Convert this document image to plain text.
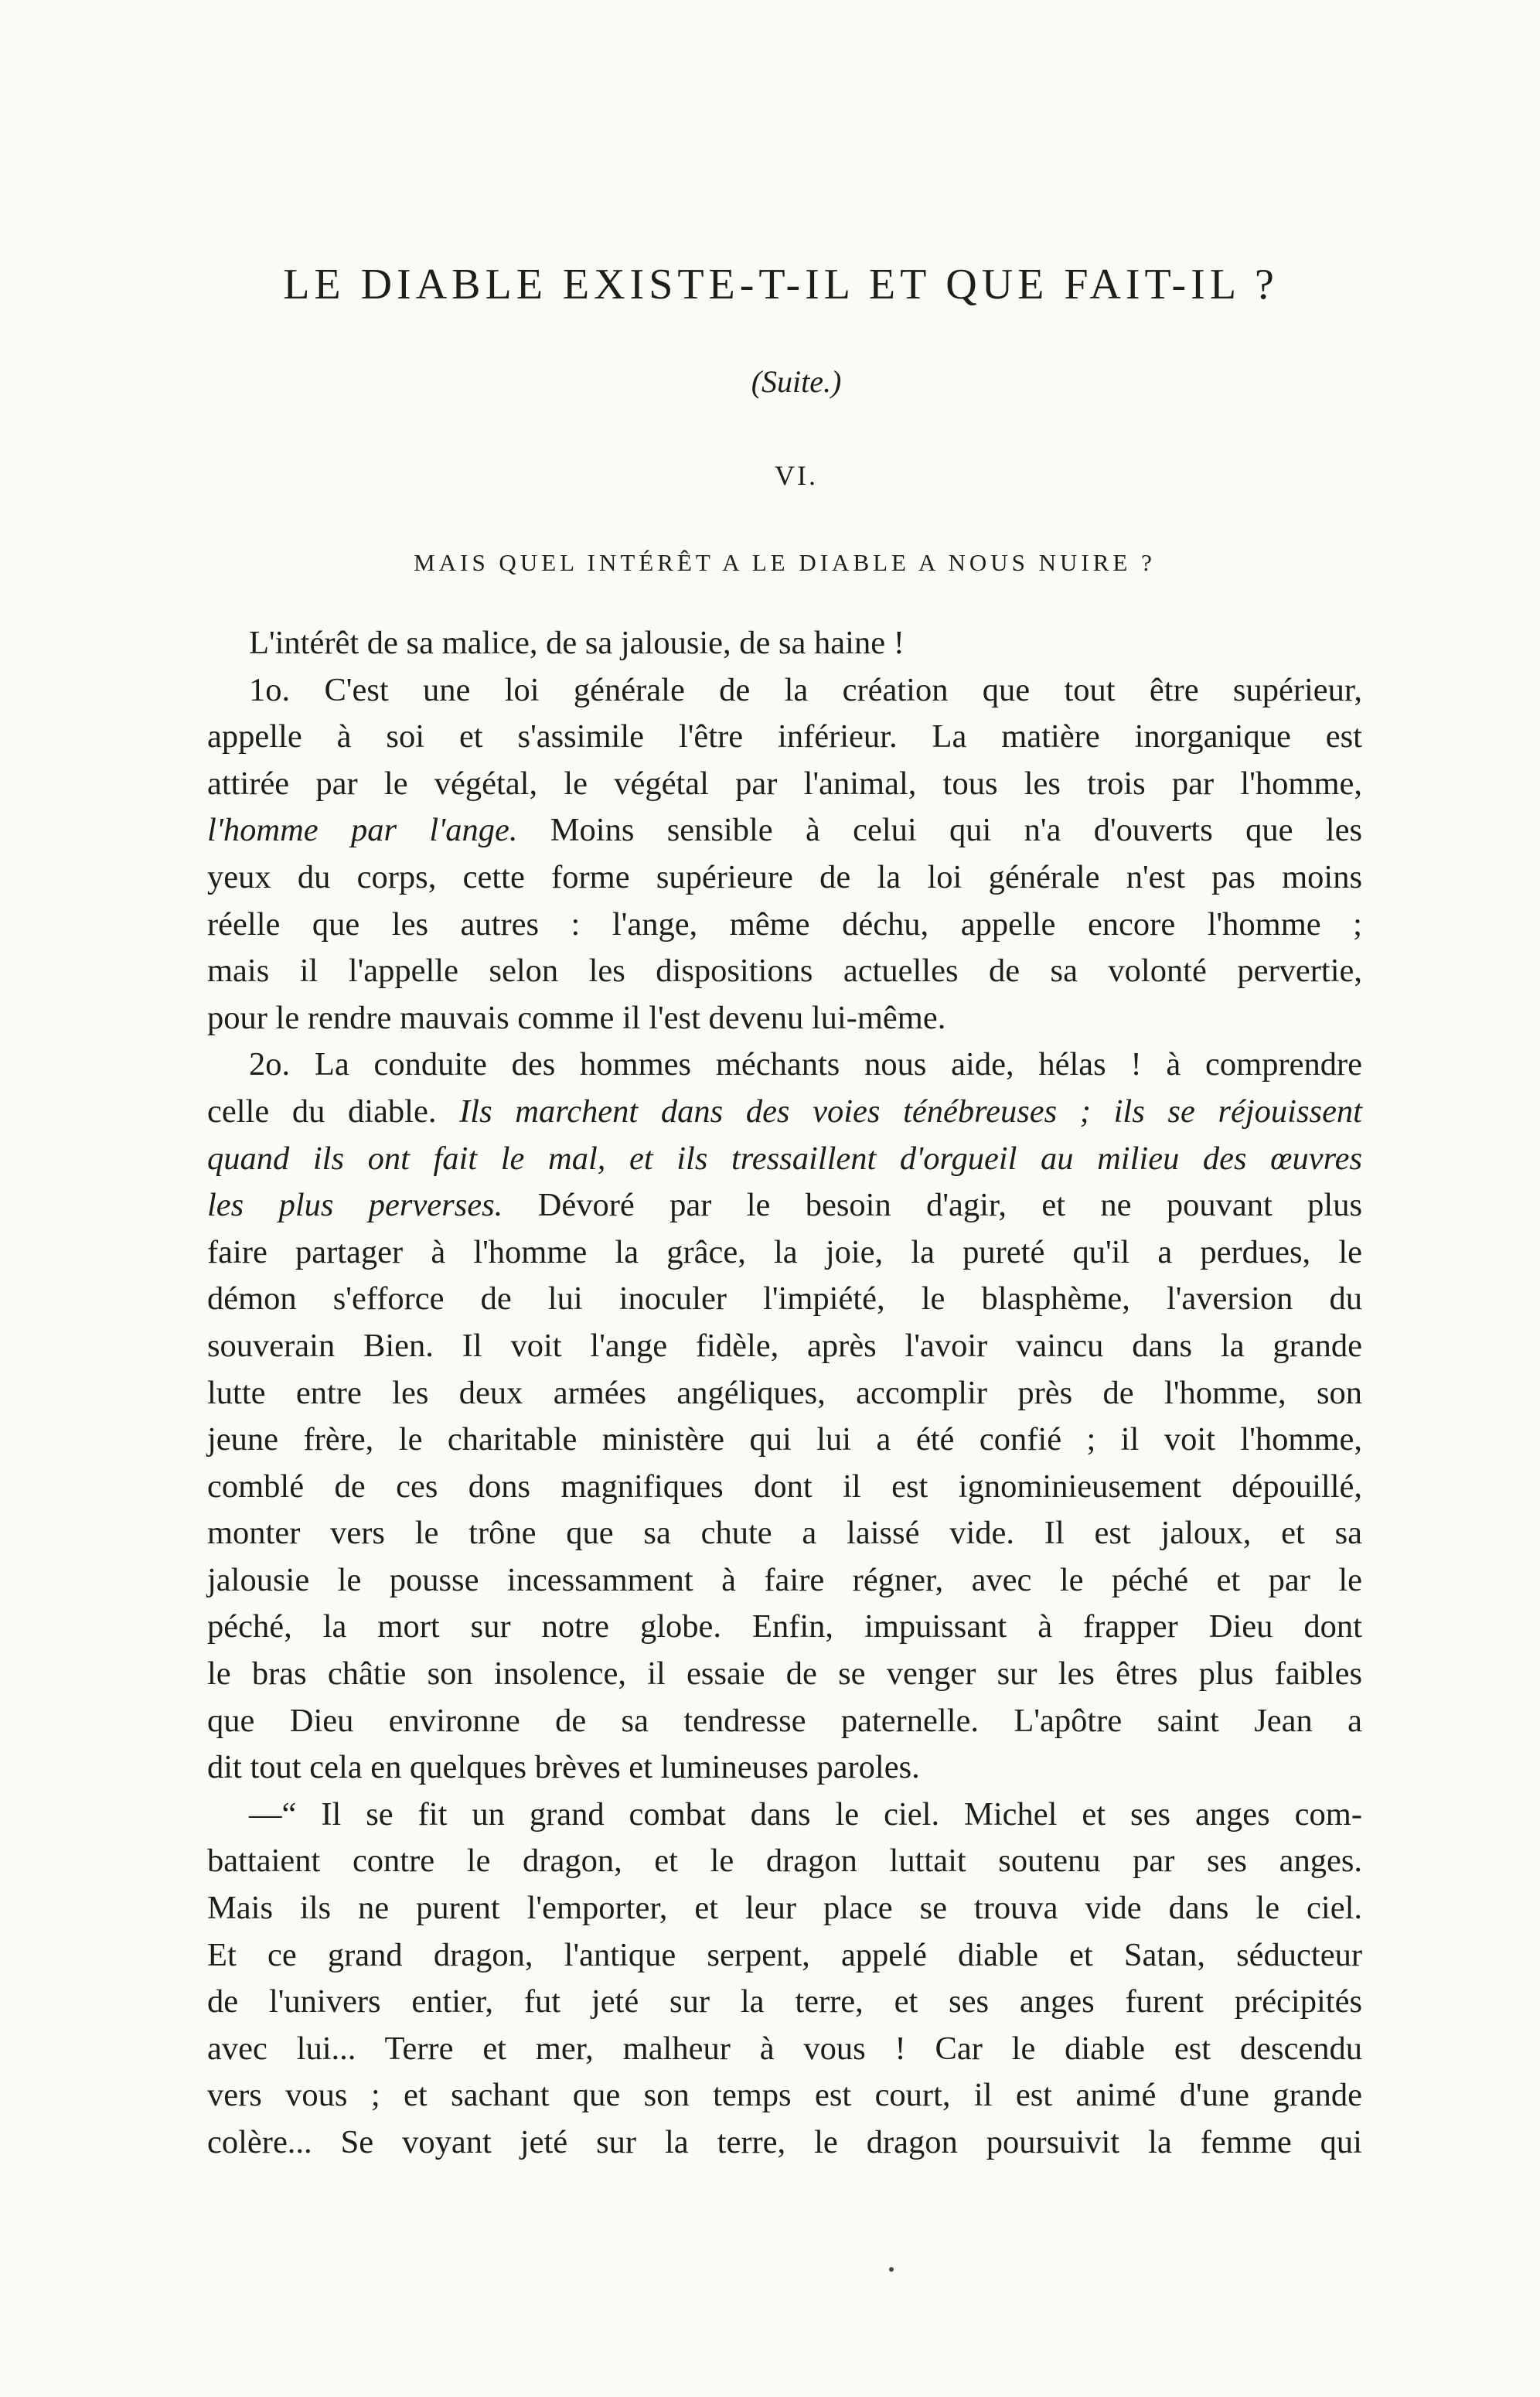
LE DIABLE EXISTE-T-IL ET QUE FAIT-IL ?

(Suite.)

VI.

MAIS QUEL INTÉRÊT A LE DIABLE A NOUS NUIRE ?

L'intérêt de sa malice, de sa jalousie, de sa haine !
1o. C'est une loi générale de la création que tout être supérieur,
appelle à soi et s'assimile l'être inférieur. La matière inorganique est
attirée par le végétal, le végétal par l'animal, tous les trois par l'homme,
l'homme par l'ange. Moins sensible à celui qui n'a d'ouverts que les
yeux du corps, cette forme supérieure de la loi générale n'est pas moins
réelle que les autres : l'ange, même déchu, appelle encore l'homme ;
mais il l'appelle selon les dispositions actuelles de sa volonté pervertie,
pour le rendre mauvais comme il l'est devenu lui-même.
2o. La conduite des hommes méchants nous aide, hélas ! à comprendre
celle du diable. Ils marchent dans des voies ténébreuses ; ils se réjouissent
quand ils ont fait le mal, et ils tressaillent d'orgueil au milieu des œuvres
les plus perverses. Dévoré par le besoin d'agir, et ne pouvant plus
faire partager à l'homme la grâce, la joie, la pureté qu'il a perdues, le
démon s'efforce de lui inoculer l'impiété, le blasphème, l'aversion du
souverain Bien. Il voit l'ange fidèle, après l'avoir vaincu dans la grande
lutte entre les deux armées angéliques, accomplir près de l'homme, son
jeune frère, le charitable ministère qui lui a été confié ; il voit l'homme,
comblé de ces dons magnifiques dont il est ignominieusement dépouillé,
monter vers le trône que sa chute a laissé vide. Il est jaloux, et sa
jalousie le pousse incessamment à faire régner, avec le péché et par le
péché, la mort sur notre globe. Enfin, impuissant à frapper Dieu dont
le bras châtie son insolence, il essaie de se venger sur les êtres plus faibles
que Dieu environne de sa tendresse paternelle. L'apôtre saint Jean a
dit tout cela en quelques brèves et lumineuses paroles.
—“ Il se fit un grand combat dans le ciel. Michel et ses anges com-
battaient contre le dragon, et le dragon luttait soutenu par ses anges.
Mais ils ne purent l'emporter, et leur place se trouva vide dans le ciel.
Et ce grand dragon, l'antique serpent, appelé diable et Satan, séducteur
de l'univers entier, fut jeté sur la terre, et ses anges furent précipités
avec lui... Terre et mer, malheur à vous ! Car le diable est descendu
vers vous ; et sachant que son temps est court, il est animé d'une grande
colère... Se voyant jeté sur la terre, le dragon poursuivit la femme qui
